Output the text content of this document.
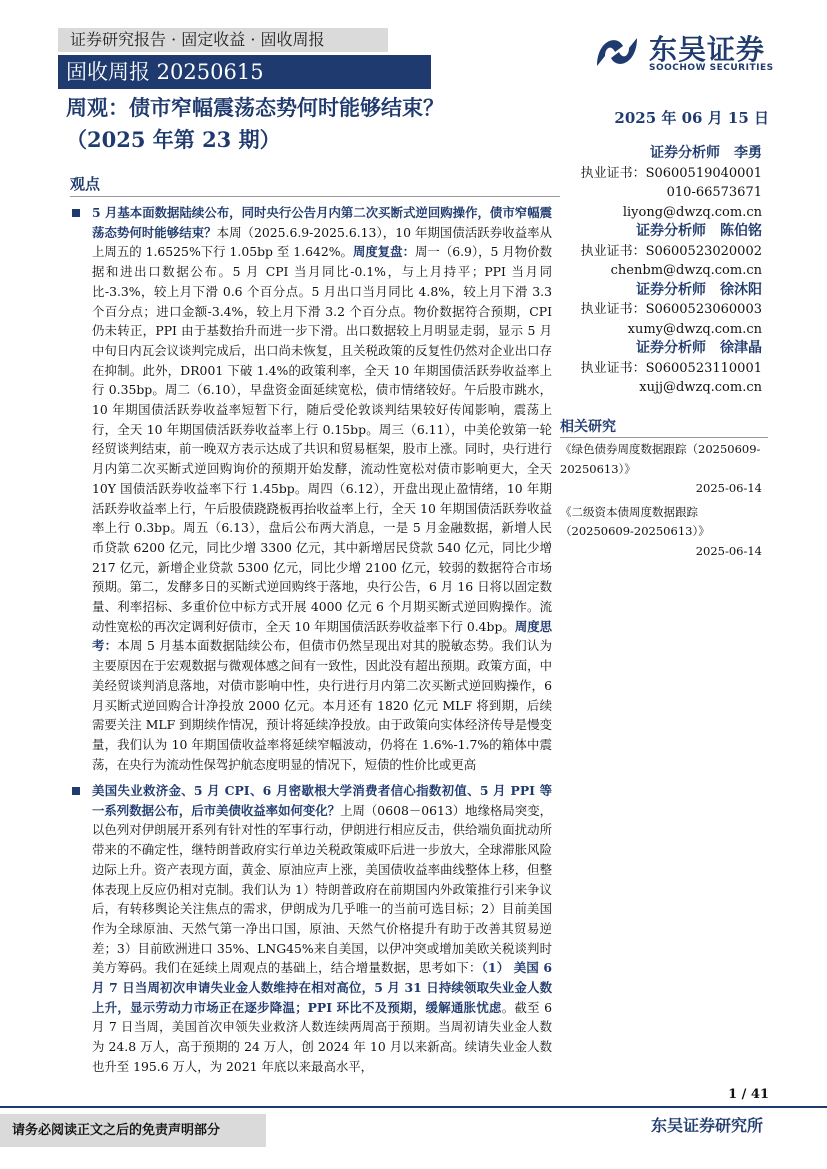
证券研究报告 · 固定收益 · 固收周报
固收周报 20250615
东吴证券
SOOCHOW SECURITIES
周观：债市窄幅震荡态势何时能够结束？
（2025 年第 23 期）
2025 年 06 月 15 日
观点

5 月基本面数据陆续公布，同时央行公告月内第二次买断式逆回购操作，债市窄幅震荡态势何时能够结束？本周（2025.6.9-2025.6.13），10 年期国债活跃券收益率从上周五的 1.6525%下行 1.05bp 至 1.642%。周度复盘：周一（6.9），5 月物价数据和进出口数据公布。5 月 CPI 当月同比-0.1%，与上月持平；PPI 当月同比-3.3%，较上月下滑 0.6 个百分点。5 月出口当月同比 4.8%，较上月下滑 3.3 个百分点；进口金额-3.4%，较上月下滑 3.2 个百分点。物价数据符合预期，CPI 仍未转正，PPI 由于基数抬升而进一步下滑。出口数据较上月明显走弱，显示 5 月中旬日内瓦会议谈判完成后，出口尚未恢复，且关税政策的反复性仍然对企业出口存在抑制。此外，DR001 下破 1.4%的政策利率，全天 10 年期国债活跃券收益率上行 0.35bp。周二（6.10），早盘资金面延续宽松，债市情绪较好。午后股市跳水，10 年期国债活跃券收益率短暂下行，随后受伦敦谈判结果较好传闻影响，震荡上行，全天 10 年期国债活跃券收益率上行 0.15bp。周三（6.11），中美伦敦第一轮经贸谈判结束，前一晚双方表示达成了共识和贸易框架，股市上涨。同时，央行进行月内第二次买断式逆回购询价的预期开始发酵，流动性宽松对债市影响更大，全天 10Y 国债活跃券收益率下行 1.45bp。周四（6.12），开盘出现止盈情绪，10 年期活跃券收益率上行，午后股债跷跷板再抬收益率上行，全天 10 年期国债活跃券收益率上行 0.3bp。周五（6.13），盘后公布两大消息，一是 5 月金融数据，新增人民币贷款 6200 亿元，同比少增 3300 亿元，其中新增居民贷款 540 亿元，同比少增 217 亿元，新增企业贷款 5300 亿元，同比少增 2100 亿元，较弱的数据符合市场预期。第二，发酵多日的买断式逆回购终于落地，央行公告，6 月 16 日将以固定数量、利率招标、多重价位中标方式开展 4000 亿元 6 个月期买断式逆回购操作。流动性宽松的再次定调利好债市，全天 10 年期国债活跃券收益率下行 0.4bp。周度思考：本周 5 月基本面数据陆续公布，但债市仍然呈现出对其的脱敏态势。我们认为主要原因在于宏观数据与微观体感之间有一致性，因此没有超出预期。政策方面，中美经贸谈判消息落地，对债市影响中性，央行进行月内第二次买断式逆回购操作，6 月买断式逆回购合计净投放 2000 亿元。本月还有 1820 亿元 MLF 将到期，后续需要关注 MLF 到期续作情况，预计将延续净投放。由于政策向实体经济传导是慢变量，我们认为 10 年期国债收益率将延续窄幅波动，仍将在 1.6%-1.7%的箱体中震荡，在央行为流动性保驾护航态度明显的情况下，短债的性价比或更高

美国失业救济金、5 月 CPI、6 月密歇根大学消费者信心指数初值、5 月 PPI 等一系列数据公布，后市美债收益率如何变化？上周（0608－0613）地缘格局突变，以色列对伊朗展开系列有针对性的军事行动，伊朗进行相应反击，供给端负面扰动所带来的不确定性，继特朗普政府实行单边关税政策威吓后进一步放大，全球滞胀风险边际上升。资产表现方面，黄金、原油应声上涨，美国债收益率曲线整体上移，但整体表现上反应仍相对克制。我们认为 1）特朗普政府在前期国内外政策推行引来争议后，有转移舆论关注焦点的需求，伊朗成为几乎唯一的当前可选目标；2）目前美国作为全球原油、天然气第一净出口国，原油、天然气价格提升有助于改善其贸易逆差；3）目前欧洲进口 35%、LNG45%来自美国，以伊冲突或增加美欧关税谈判时美方筹码。我们在延续上周观点的基础上，结合增量数据，思考如下：（1） 美国 6 月 7 日当周初次申请失业金人数维持在相对高位，5 月 31 日持续领取失业金人数上升，显示劳动力市场正在逐步降温；PPI 环比不及预期，缓解通胀忧虑。截至 6 月 7 日当周，美国首次申领失业救济人数连续两周高于预期。当周初请失业金人数为 24.8 万人，高于预期的 24 万人，创 2024 年 10 月以来新高。续请失业金人数也升至 195.6 万人，为 2021 年底以来最高水平，

证券分析师 李勇
执业证书：S0600519040001
010-66573671
liyong@dwzq.com.cn
证券分析师 陈伯铭
执业证书：S0600523020002
chenbm@dwzq.com.cn
证券分析师 徐沐阳
执业证书：S0600523060003
xumy@dwzq.com.cn
证券分析师 徐津晶
执业证书：S0600523110001
xujj@dwzq.com.cn
相关研究
《绿色债券周度数据跟踪（20250609-20250613）》
2025-06-14
《二级资本债周度数据跟踪（20250609-20250613）》
2025-06-14
1 / 41
请务必阅读正文之后的免责声明部分	东吴证券研究所
